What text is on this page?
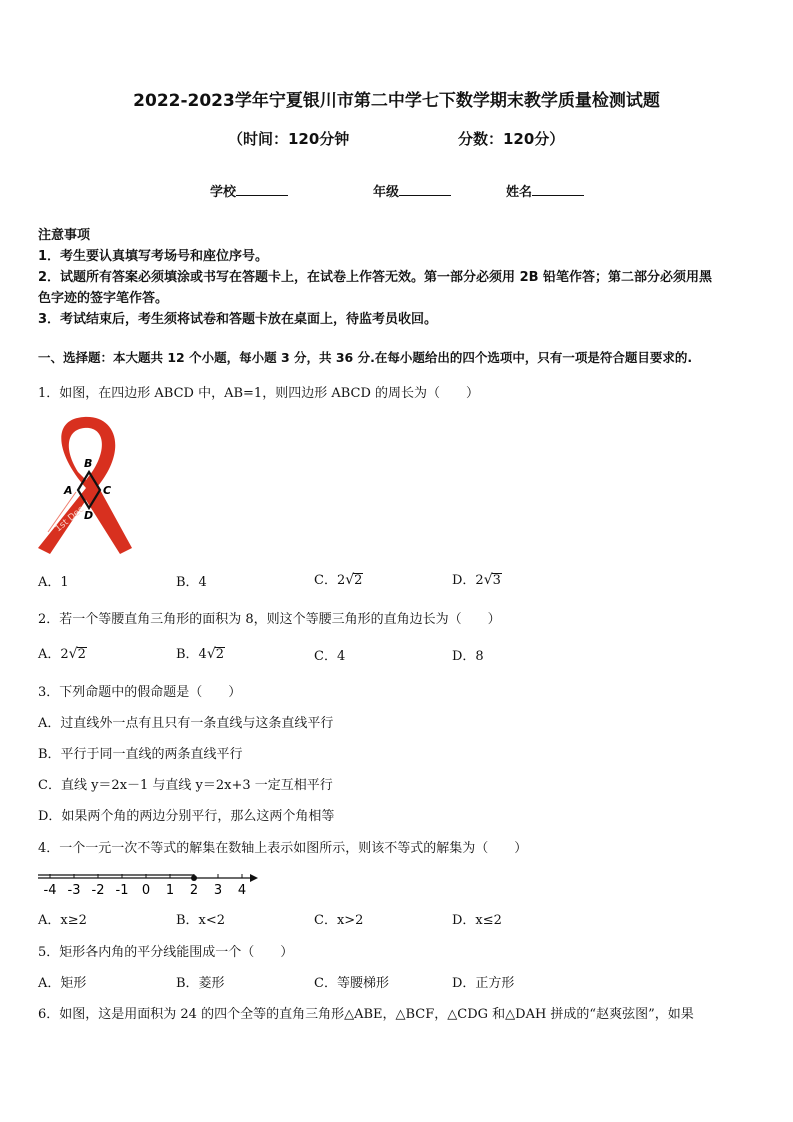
2022-2023学年宁夏银川市第二中学七下数学期末教学质量检测试题
（时间：120分钟	分数：120分）
学校	年级	姓名
注意事项
1．考生要认真填写考场号和座位序号。
2．试题所有答案必须填涂或书写在答题卡上，在试卷上作答无效。第一部分必须用 2B 铅笔作答；第二部分必须用黑
色字迹的签字笔作答。
3．考试结束后，考生须将试卷和答题卡放在桌面上，待监考员收回。
一、选择题：本大题共 12 个小题，每小题 3 分，共 36 分.在每小题给出的四个选项中，只有一项是符合题目要求的.
1．如图，在四边形 ABCD 中，AB=1，则四边形 ABCD 的周长为（　　）
1st Dec
B
A	C
D
A．1	B．4	C．2√2	D．2√3
2．若一个等腰直角三角形的面积为 8，则这个等腰三角形的直角边长为（　　）
A．2√2	B．4√2	C．4	D．8
3．下列命题中的假命题是（　　）
A．过直线外一点有且只有一条直线与这条直线平行
B．平行于同一直线的两条直线平行
C．直线 y＝2x－1 与直线 y＝2x+3 一定互相平行
D．如果两个角的两边分别平行，那么这两个角相等
4．一个一元一次不等式的解集在数轴上表示如图所示，则该不等式的解集为（　　）
-4 -3 -2 -1 0 1 2 3 4
A．x≥2	B．x<2	C．x>2	D．x≤2
5．矩形各内角的平分线能围成一个（　　）
A．矩形	B．菱形	C．等腰梯形	D．正方形
6．如图，这是用面积为 24 的四个全等的直角三角形△ABE，△BCF，△CDG 和△DAH 拼成的“赵爽弦图”，如果
